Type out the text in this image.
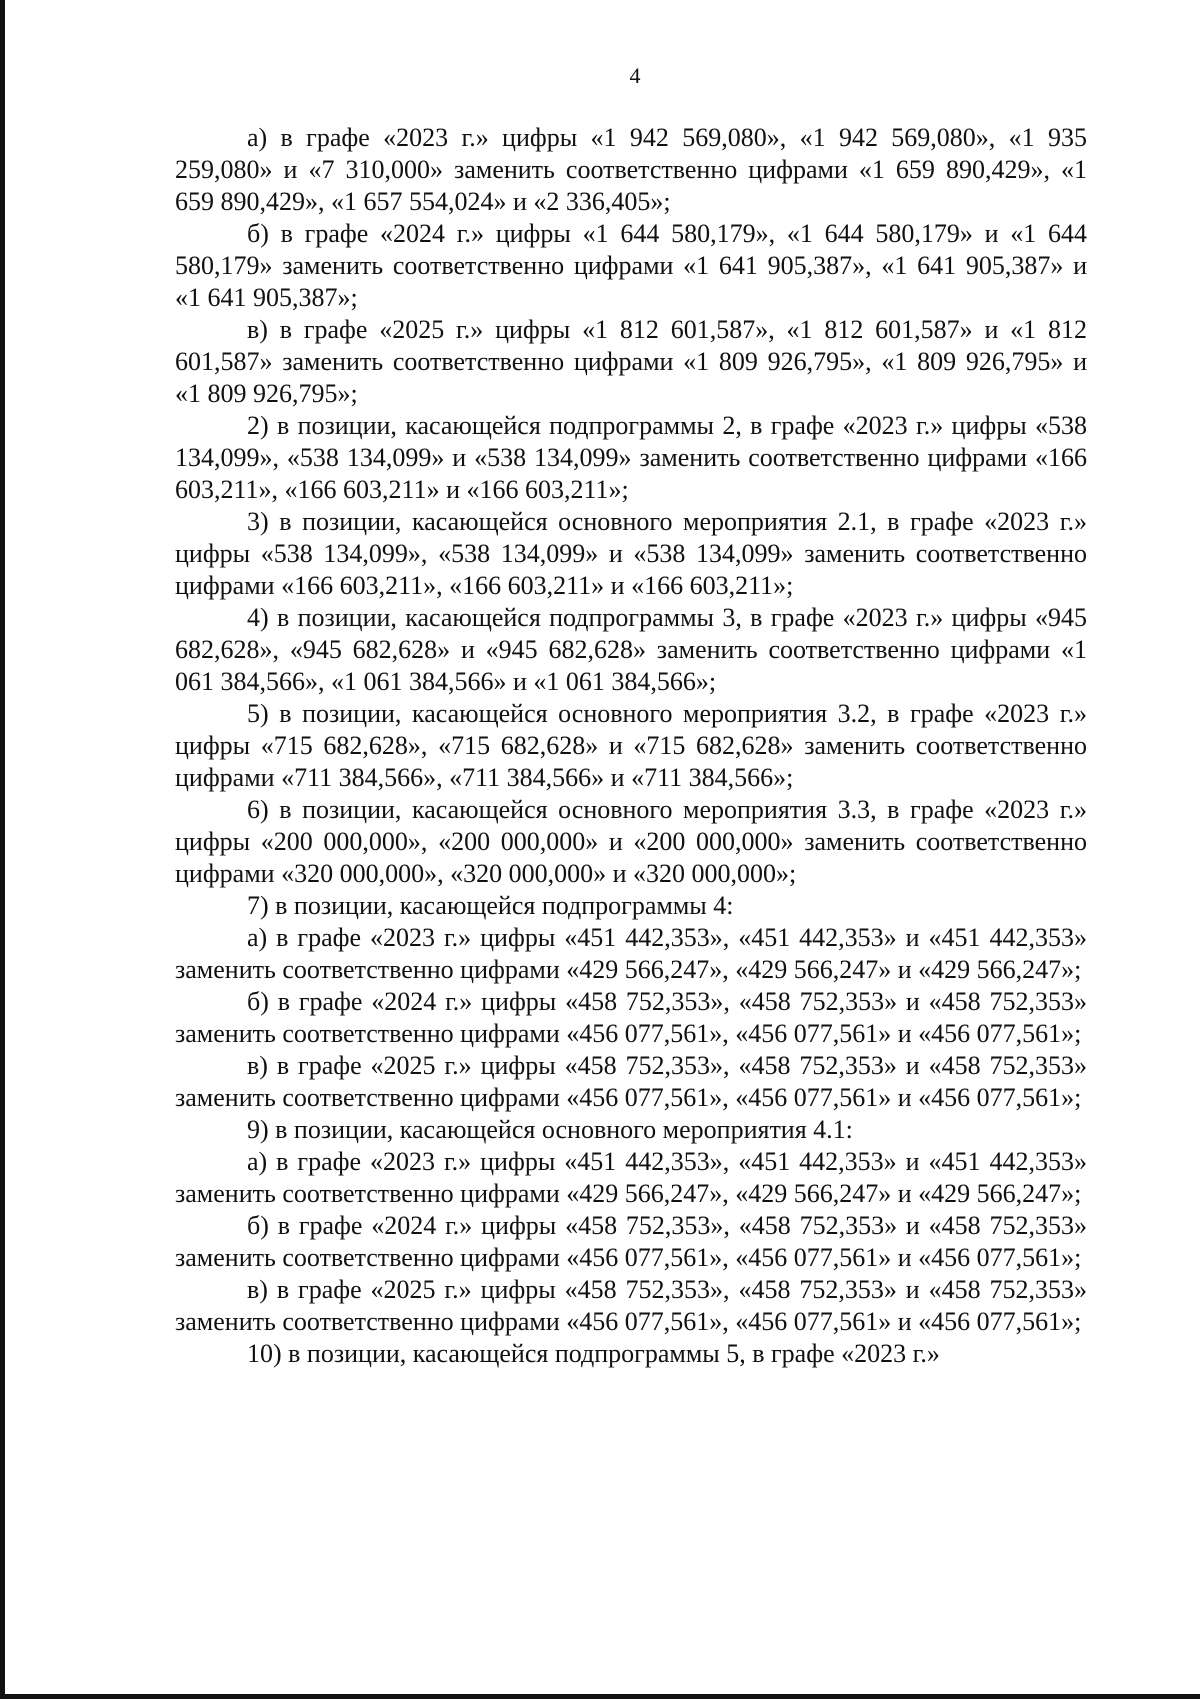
4

а) в графе «2023 г.» цифры «1 942 569,080», «1 942 569,080», «1 935 259,080» и «7 310,000» заменить соответственно цифрами «1 659 890,429», «1 659 890,429», «1 657 554,024» и «2 336,405»;

б) в графе «2024 г.» цифры «1 644 580,179», «1 644 580,179» и «1 644 580,179» заменить соответственно цифрами «1 641 905,387», «1 641 905,387» и «1 641 905,387»;

в) в графе «2025 г.» цифры «1 812 601,587», «1 812 601,587» и «1 812 601,587» заменить соответственно цифрами «1 809 926,795», «1 809 926,795» и «1 809 926,795»;

2) в позиции, касающейся подпрограммы 2, в графе «2023 г.» цифры «538 134,099», «538 134,099» и «538 134,099» заменить соответственно цифрами «166 603,211», «166 603,211» и «166 603,211»;

3) в позиции, касающейся основного мероприятия 2.1, в графе «2023 г.» цифры «538 134,099», «538 134,099» и «538 134,099» заменить соответственно цифрами «166 603,211», «166 603,211» и «166 603,211»;

4) в позиции, касающейся подпрограммы 3, в графе «2023 г.» цифры «945 682,628», «945 682,628» и «945 682,628» заменить соответственно цифрами «1 061 384,566», «1 061 384,566» и «1 061 384,566»;

5) в позиции, касающейся основного мероприятия 3.2, в графе «2023 г.» цифры «715 682,628», «715 682,628» и «715 682,628» заменить соответственно цифрами «711 384,566», «711 384,566» и «711 384,566»;

6) в позиции, касающейся основного мероприятия 3.3, в графе «2023 г.» цифры «200 000,000», «200 000,000» и «200 000,000» заменить соответственно цифрами «320 000,000», «320 000,000» и «320 000,000»;

7) в позиции, касающейся подпрограммы 4:

а) в графе «2023 г.» цифры «451 442,353», «451 442,353» и «451 442,353» заменить соответственно цифрами «429 566,247», «429 566,247» и «429 566,247»;

б) в графе «2024 г.» цифры «458 752,353», «458 752,353» и «458 752,353» заменить соответственно цифрами «456 077,561», «456 077,561» и «456 077,561»;

в) в графе «2025 г.» цифры «458 752,353», «458 752,353» и «458 752,353» заменить соответственно цифрами «456 077,561», «456 077,561» и «456 077,561»;

9) в позиции, касающейся основного мероприятия 4.1:

а) в графе «2023 г.» цифры «451 442,353», «451 442,353» и «451 442,353» заменить соответственно цифрами «429 566,247», «429 566,247» и «429 566,247»;

б) в графе «2024 г.» цифры «458 752,353», «458 752,353» и «458 752,353» заменить соответственно цифрами «456 077,561», «456 077,561» и «456 077,561»;

в) в графе «2025 г.» цифры «458 752,353», «458 752,353» и «458 752,353» заменить соответственно цифрами «456 077,561», «456 077,561» и «456 077,561»;

10) в позиции, касающейся подпрограммы 5, в графе «2023 г.»
